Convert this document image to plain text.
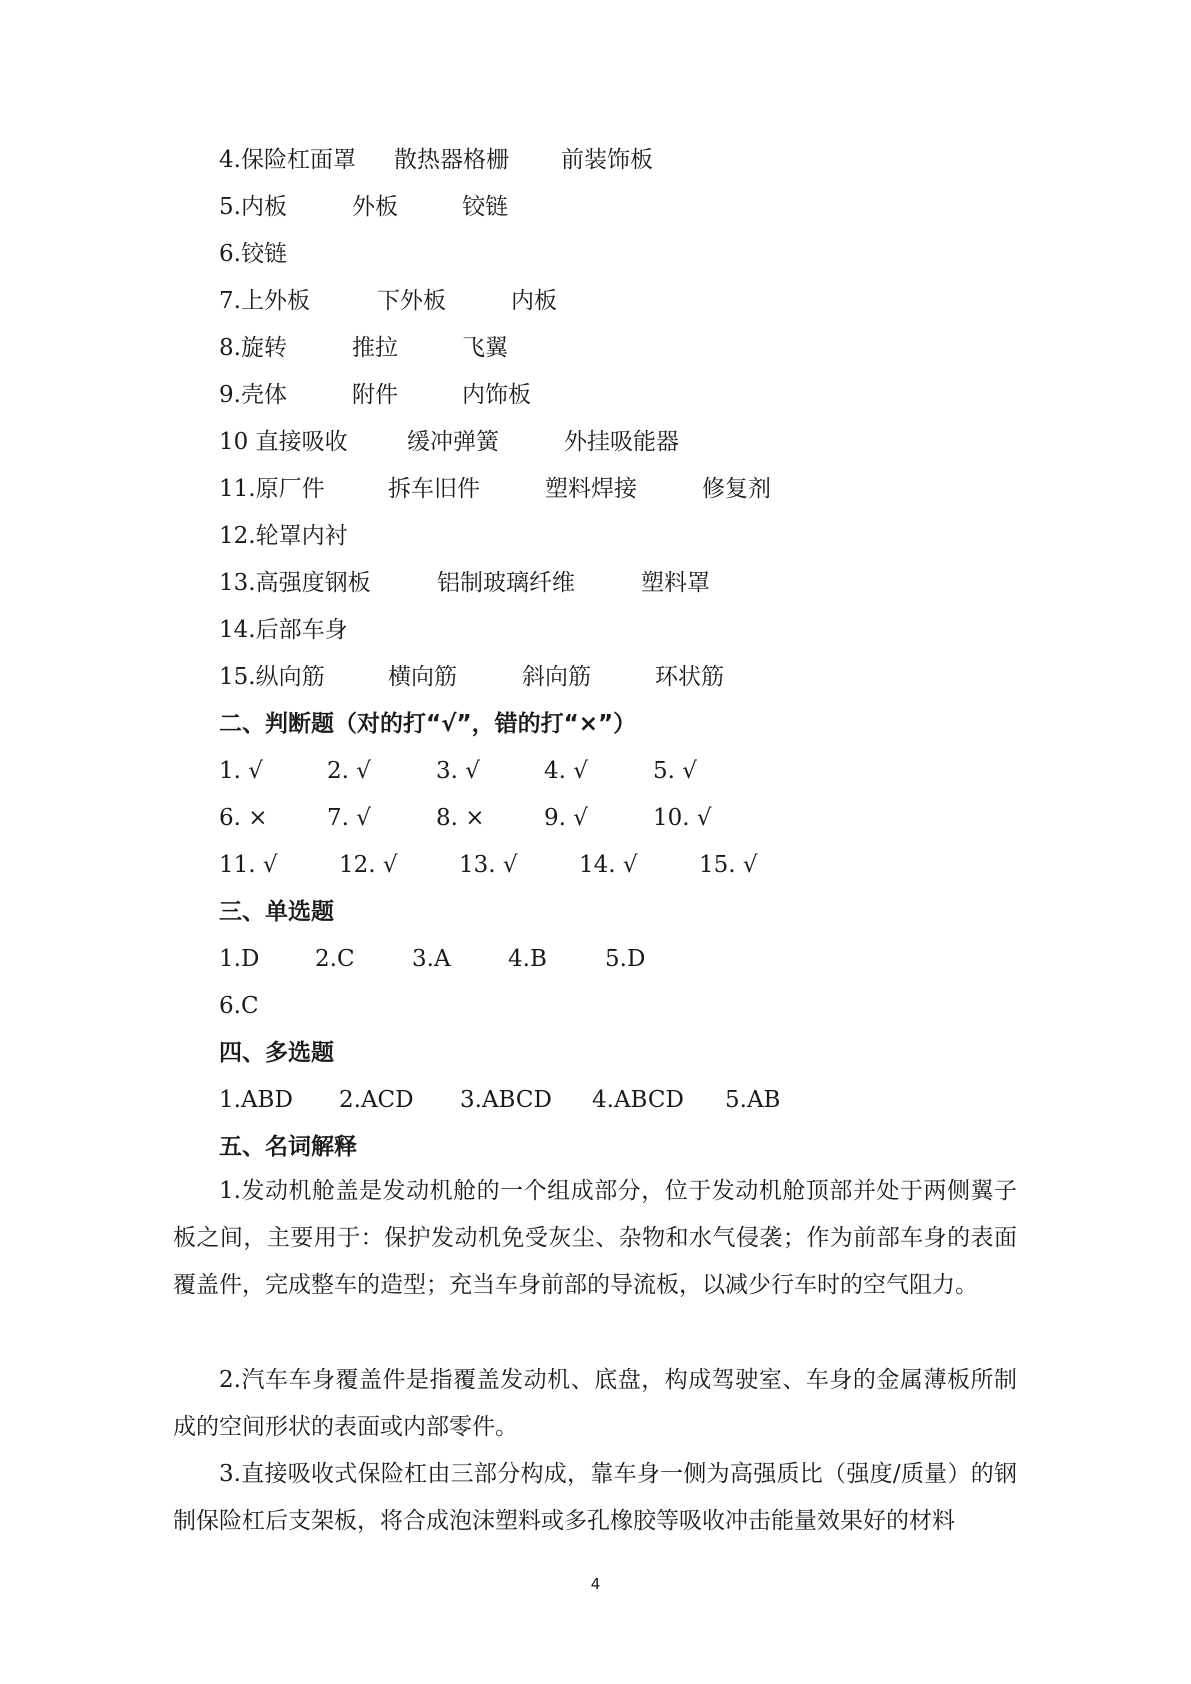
4.保险杠面罩 散热器格栅 前装饰板
5.内板	外板	铰链
6.铰链
7.上外板	下外板	内板
8.旋转	推拉	飞翼
9.壳体	附件	内饰板
10 直接吸收	缓冲弹簧	外挂吸能器
11.原厂件	拆车旧件	塑料焊接	修复剂
12.轮罩内衬
13.高强度钢板	铝制玻璃纤维	塑料罩
14.后部车身
15.纵向筋	横向筋	斜向筋	环状筋
二、判断题（对的打“√”，错的打“×”）
1. √	2. √	3. √	4. √	5. √
6. ×	7. √	8. ×	9. √	10. √
11. √	12. √	13. √	14. √	15. √
三、单选题
1.D 2.C 3.A 4.B	5.D
6.C
四、多选题
1.ABD 2.ACD 3.ABCD 4.ABCD 5.AB
五、名词解释
1.发动机舱盖是发动机舱的一个组成部分，位于发动机舱顶部并处于两侧翼子板之间，主要用于：保护发动机免受灰尘、杂物和水气侵袭；作为前部车身的表面覆盖件，完成整车的造型；充当车身前部的导流板，以减少行车时的空气阻力。
2.汽车车身覆盖件是指覆盖发动机、底盘，构成驾驶室、车身的金属薄板所制成的空间形状的表面或内部零件。
3.直接吸收式保险杠由三部分构成，靠车身一侧为高强质比（强度/质量）的钢制保险杠后支架板，将合成泡沫塑料或多孔橡胶等吸收冲击能量效果好的材料
4
